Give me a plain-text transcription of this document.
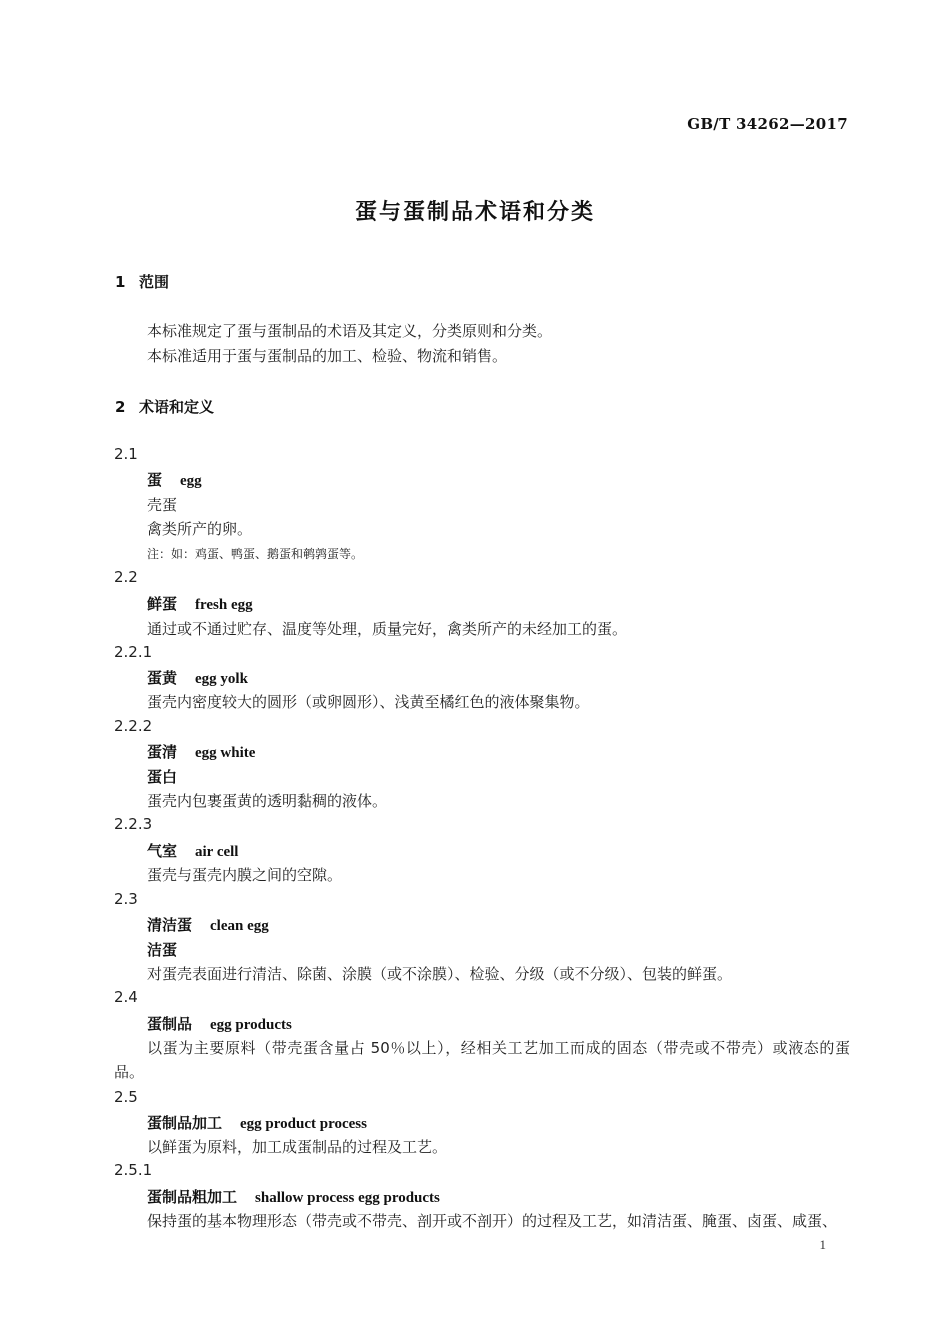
GB/T 34262—2017
蛋与蛋制品术语和分类
1 范围
本标准规定了蛋与蛋制品的术语及其定义，分类原则和分类。
本标准适用于蛋与蛋制品的加工、检验、物流和销售。
2 术语和定义
2.1
蛋 egg
壳蛋
禽类所产的卵。
注：如：鸡蛋、鸭蛋、鹅蛋和鹌鹑蛋等。
2.2
鲜蛋 fresh egg
通过或不通过贮存、温度等处理，质量完好，禽类所产的未经加工的蛋。
2.2.1
蛋黄 egg yolk
蛋壳内密度较大的圆形（或卵圆形）、浅黄至橘红色的液体聚集物。
2.2.2
蛋清 egg white
蛋白
蛋壳内包裹蛋黄的透明黏稠的液体。
2.2.3
气室 air cell
蛋壳与蛋壳内膜之间的空隙。
2.3
清洁蛋 clean egg
洁蛋
对蛋壳表面进行清洁、除菌、涂膜（或不涂膜）、检验、分级（或不分级）、包装的鲜蛋。
2.4
蛋制品 egg products
以蛋为主要原料（带壳蛋含量占 50％以上），经相关工艺加工而成的固态（带壳或不带壳）或液态的蛋品。
2.5
蛋制品加工 egg product process
以鲜蛋为原料，加工成蛋制品的过程及工艺。
2.5.1
蛋制品粗加工 shallow process egg products
保持蛋的基本物理形态（带壳或不带壳、剖开或不剖开）的过程及工艺，如清洁蛋、腌蛋、卤蛋、咸蛋、
1
